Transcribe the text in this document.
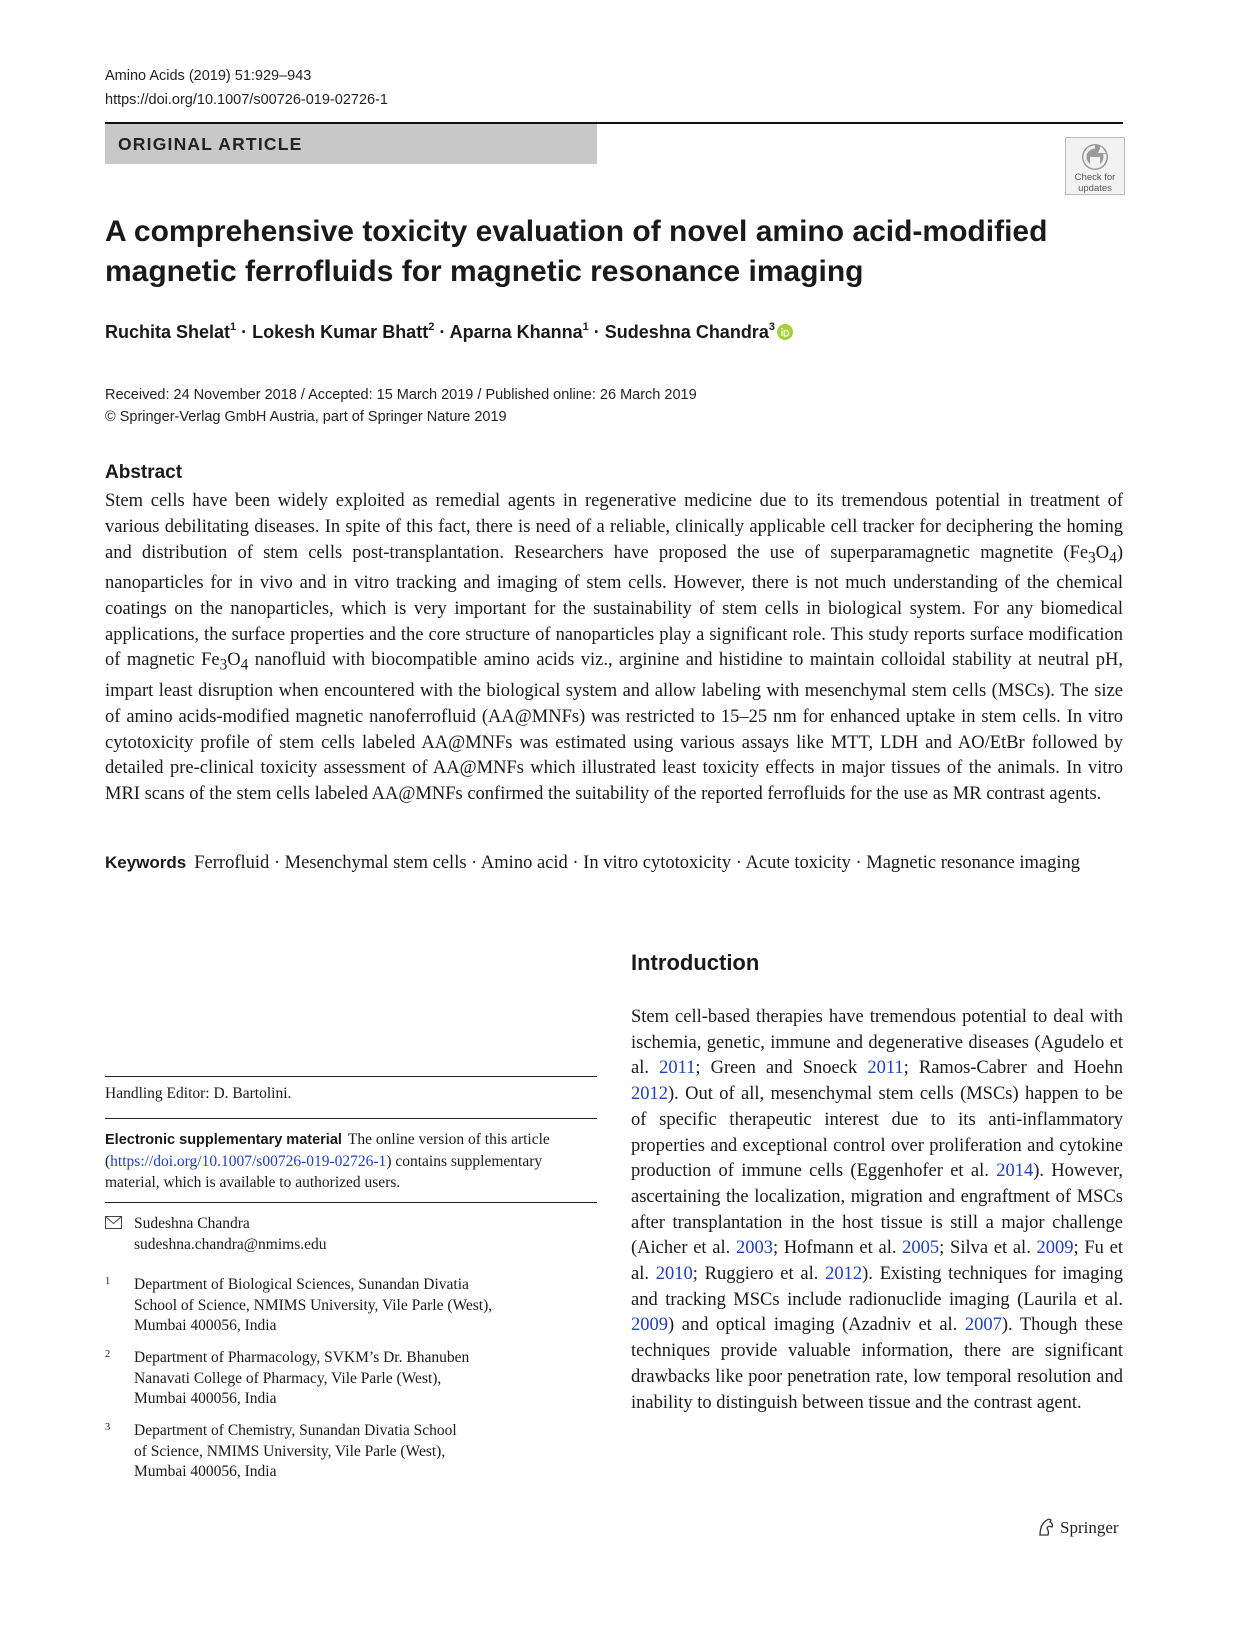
Amino Acids (2019) 51:929–943
https://doi.org/10.1007/s00726-019-02726-1
ORIGINAL ARTICLE
Check for
updates
A comprehensive toxicity evaluation of novel amino acid-modified
magnetic ferrofluids for magnetic resonance imaging
Ruchita Shelat$^1$ · Lokesh Kumar Bhatt$^2$ · Aparna Khanna$^1$ · Sudeshna Chandra$^3$
Received: 24 November 2018 / Accepted: 15 March 2019 / Published online: 26 March 2019
© Springer-Verlag GmbH Austria, part of Springer Nature 2019
Abstract
Stem cells have been widely exploited as remedial agents in regenerative medicine due to its tremendous potential in treatment of various debilitating diseases. In spite of this fact, there is need of a reliable, clinically applicable cell tracker for deciphering the homing and distribution of stem cells post-transplantation. Researchers have proposed the use of superparamagnetic magnetite $(Fe_3O_4)$ nanoparticles for in vivo and in vitro tracking and imaging of stem cells. However, there is not much understanding of the chemical coatings on the nanoparticles, which is very important for the sustainability of stem cells in biological system. For any biomedical applications, the surface properties and the core structure of nanoparticles play a significant role. This study reports surface modification of magnetic $Fe_3O_4$ nanofluid with biocompatible amino acids viz., arginine and histidine to maintain colloidal stability at neutral pH, impart least disruption when encountered with the biological system and allow labeling with mesenchymal stem cells (MSCs). The size of amino acids-modified magnetic nanoferrofluid (AA@MNFs) was restricted to 15–25 nm for enhanced uptake in stem cells. In vitro cytotoxicity profile of stem cells labeled AA@MNFs was estimated using various assays like MTT, LDH and AO/EtBr followed by detailed pre-clinical toxicity assessment of AA@MNFs which illustrated least toxicity effects in major tissues of the animals. In vitro MRI scans of the stem cells labeled AA@MNFs confirmed the suitability of the reported ferrofluids for the use as MR contrast agents.
Keywords Ferrofluid · Mesenchymal stem cells · Amino acid · In vitro cytotoxicity · Acute toxicity · Magnetic resonance imaging
Handling Editor: D. Bartolini.
Electronic supplementary material The online version of this article (https://doi.org/10.1007/s00726-019-02726-1) contains supplementary material, which is available to authorized users.
Sudeshna Chandra
sudeshna.chandra@nmims.edu
1 Department of Biological Sciences, Sunandan Divatia
School of Science, NMIMS University, Vile Parle (West),
Mumbai 400056, India
2 Department of Pharmacology, SVKM’s Dr. Bhanuben
Nanavati College of Pharmacy, Vile Parle (West),
Mumbai 400056, India
3 Department of Chemistry, Sunandan Divatia School
of Science, NMIMS University, Vile Parle (West),
Mumbai 400056, India
Introduction
Stem cell-based therapies have tremendous potential to deal with ischemia, genetic, immune and degenerative diseases (Agudelo et al. 2011; Green and Snoeck 2011; Ramos-Cabrer and Hoehn 2012). Out of all, mesenchymal stem cells (MSCs) happen to be of specific therapeutic interest due to its anti-inflammatory properties and exceptional control over proliferation and cytokine production of immune cells (Eggenhofer et al. 2014). However, ascertaining the localization, migration and engraftment of MSCs after transplantation in the host tissue is still a major challenge (Aicher et al. 2003; Hofmann et al. 2005; Silva et al. 2009; Fu et al. 2010; Ruggiero et al. 2012). Existing techniques for imaging and tracking MSCs include radionuclide imaging (Laurila et al. 2009) and optical imaging (Azadniv et al. 2007). Though these techniques provide valuable information, there are significant drawbacks like poor penetration rate, low temporal resolution and inability to distinguish between tissue and the contrast agent.
Springer
